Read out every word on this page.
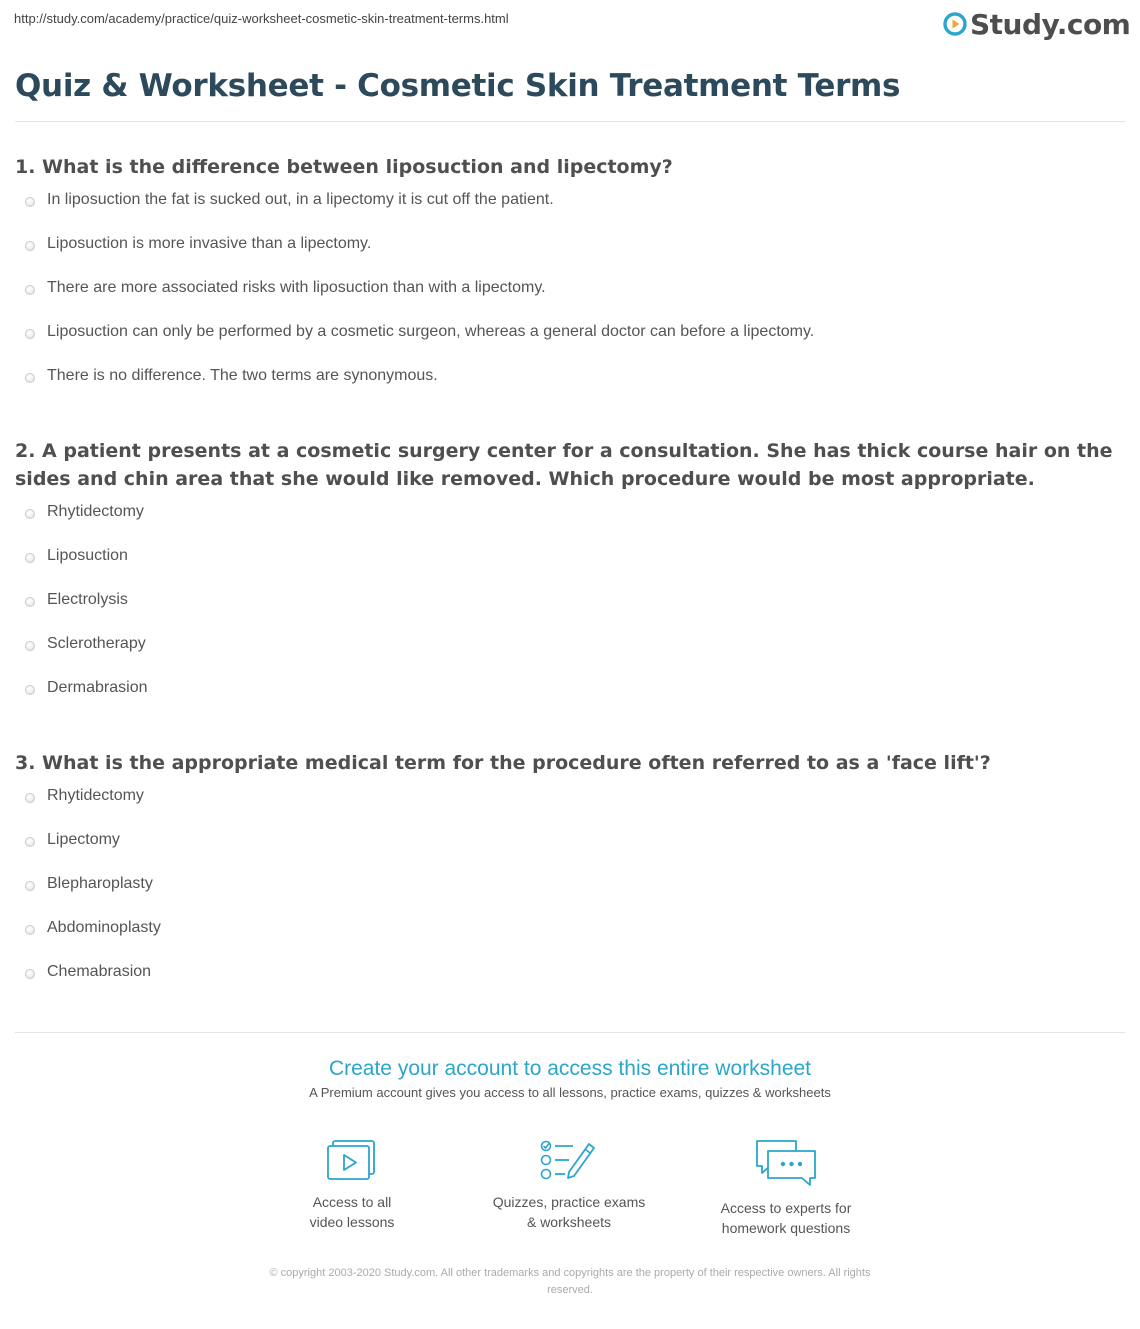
http://study.com/academy/practice/quiz-worksheet-cosmetic-skin-treatment-terms.html	Study.com
Quiz & Worksheet - Cosmetic Skin Treatment Terms

1. What is the difference between liposuction and lipectomy?

In liposuction the fat is sucked out, in a lipectomy it is cut off the patient.
Liposuction is more invasive than a lipectomy.
There are more associated risks with liposuction than with a lipectomy.
Liposuction can only be performed by a cosmetic surgeon, whereas a general doctor can before a lipectomy.
There is no difference. The two terms are synonymous.

2. A patient presents at a cosmetic surgery center for a consultation. She has thick course hair on the sides and chin area that she would like removed. Which procedure would be most appropriate.

Rhytidectomy
Liposuction
Electrolysis
Sclerotherapy
Dermabrasion

3. What is the appropriate medical term for the procedure often referred to as a 'face lift'?

Rhytidectomy
Lipectomy
Blepharoplasty
Abdominoplasty
Chemabrasion

Create your account to access this entire worksheet

A Premium account gives you access to all lessons, practice exams, quizzes & worksheets
Access to all
video lessons
Quizzes, practice exams
& worksheets
Access to experts for
homework questions
© copyright 2003-2020 Study.com. All other trademarks and copyrights are the property of their respective owners. All rights
reserved.
